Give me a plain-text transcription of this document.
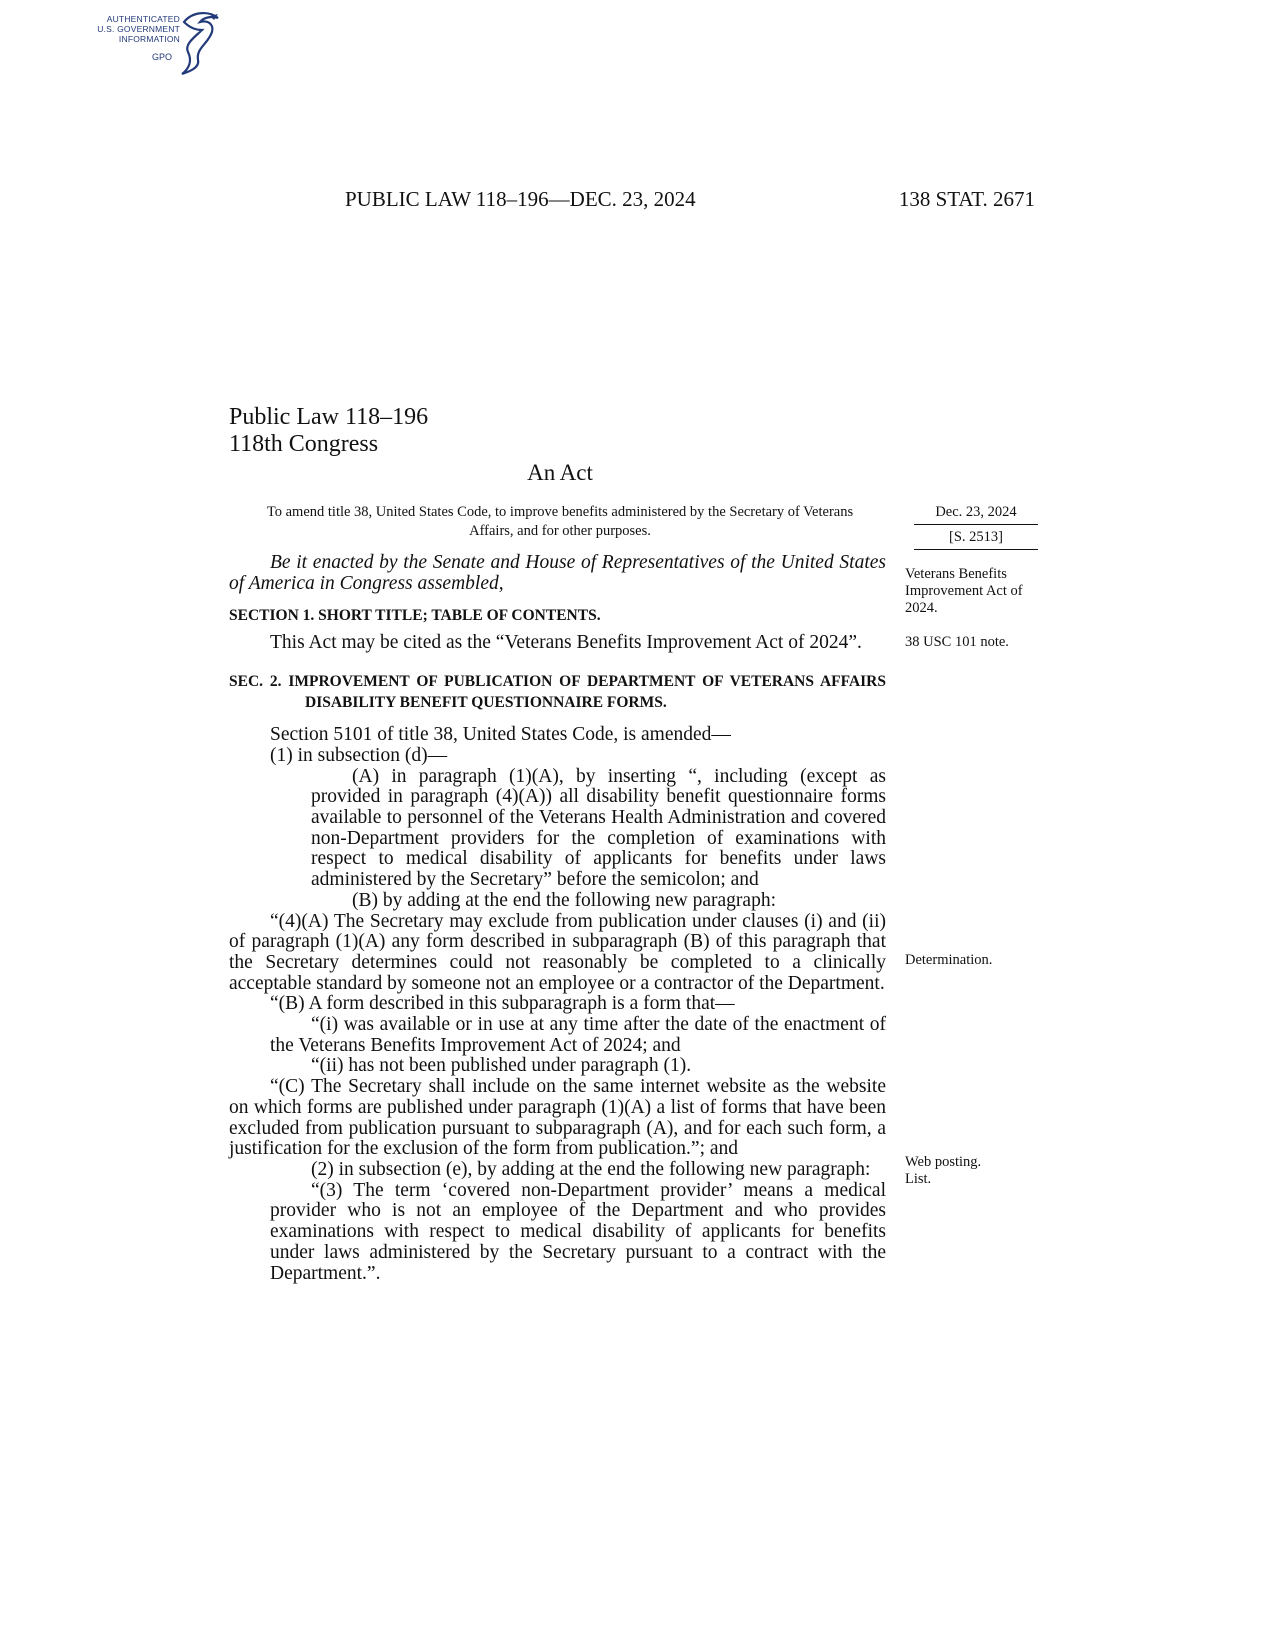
AUTHENTICATED
U.S. GOVERNMENT
INFORMATION
GPO
PUBLIC LAW 118–196—DEC. 23, 2024	138 STAT. 2671
Public Law 118–196
118th Congress
An Act
To amend title 38, United States Code, to improve benefits administered by the Secretary of Veterans Affairs, and for other purposes.
Dec. 23, 2024
[S. 2513]

Be it enacted by the Senate and House of Representatives of the United States of America in Congress assembled,

SECTION 1. SHORT TITLE; TABLE OF CONTENTS.

This Act may be cited as the “Veterans Benefits Improvement Act of 2024”.

SEC. 2. IMPROVEMENT OF PUBLICATION OF DEPARTMENT OF VETERANS AFFAIRS DISABILITY BENEFIT QUESTIONNAIRE FORMS.

Section 5101 of title 38, United States Code, is amended—

(1) in subsection (d)—

(A) in paragraph (1)(A), by inserting “, including (except as provided in paragraph (4)(A)) all disability benefit questionnaire forms available to personnel of the Veterans Health Administration and covered non-Department providers for the completion of examinations with respect to medical disability of applicants for benefits under laws administered by the Secretary” before the semicolon; and

(B) by adding at the end the following new paragraph:

“(4)(A) The Secretary may exclude from publication under clauses (i) and (ii) of paragraph (1)(A) any form described in subparagraph (B) of this paragraph that the Secretary determines could not reasonably be completed to a clinically acceptable standard by someone not an employee or a contractor of the Department.

“(B) A form described in this subparagraph is a form that—

“(i) was available or in use at any time after the date of the enactment of the Veterans Benefits Improvement Act of 2024; and

“(ii) has not been published under paragraph (1).

“(C) The Secretary shall include on the same internet website as the website on which forms are published under paragraph (1)(A) a list of forms that have been excluded from publication pursuant to subparagraph (A), and for each such form, a justification for the exclusion of the form from publication.”; and

(2) in subsection (e), by adding at the end the following new paragraph:

“(3) The term ‘covered non-Department provider’ means a medical provider who is not an employee of the Department and who provides examinations with respect to medical disability of applicants for benefits under laws administered by the Secretary pursuant to a contract with the Department.”.

Veterans Benefits Improvement Act of 2024.
38 USC 101 note.
Determination.
Web posting.
List.
